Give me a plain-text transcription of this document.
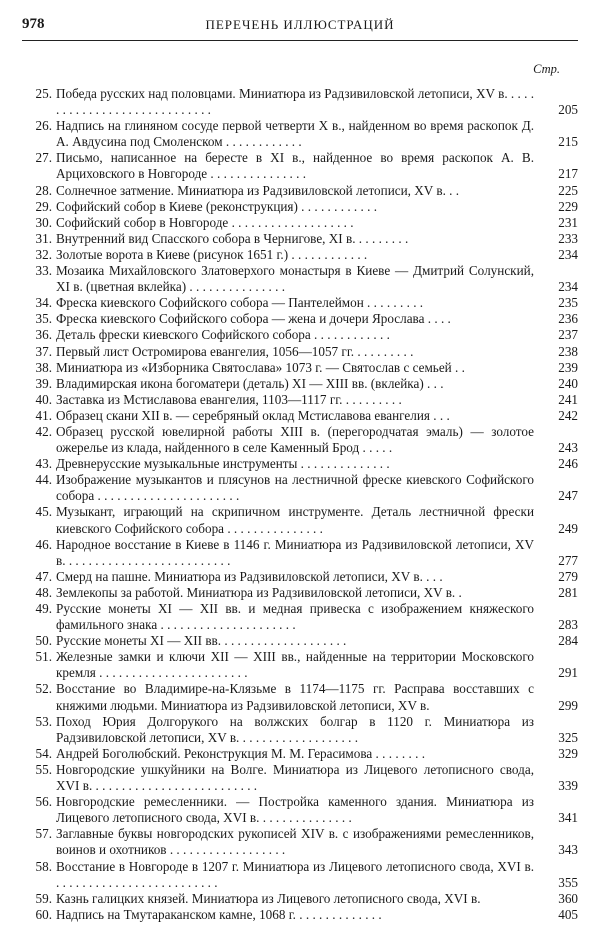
978	ПЕРЕЧЕНЬ ИЛЛЮСТРАЦИЙ
Стр.
25. Победа русских над половцами. Миниатюра из Радзивиловской летописи, XV в. . . . . . . . . . . . . . . . . . . . . . . . . . . . .	205
26. Надпись на глиняном сосуде первой четверти X в., найденном во время раскопок Д. А. Авдусина под Смоленском . . . . . . . . . . . .	215
27. Письмо, написанное на бересте в XI в., найденное во время раскопок А. В. Арциховского в Новгороде . . . . . . . . . . . . . . .	217
28. Солнечное затмение. Миниатюра из Радзивиловской летописи, XV в. . .	225
29. Софийский собор в Киеве (реконструкция) . . . . . . . . . . . .	229
30. Софийский собор в Новгороде . . . . . . . . . . . . . . . . . . .	231
31. Внутренний вид Спасского собора в Чернигове, XI в. . . . . . . . .	233
32. Золотые ворота в Киеве (рисунок 1651 г.) . . . . . . . . . . . .	234
33. Мозаика Михайловского Златоверхого монастыря в Киеве — Дмитрий Солунский, XI в. (цветная вклейка) . . . . . . . . . . . . . . .	234
34. Фреска киевского Софийского собора — Пантелеймон . . . . . . . . .	235
35. Фреска киевского Софийского собора — жена и дочери Ярослава . . . .	236
36. Деталь фрески киевского Софийского собора . . . . . . . . . . . .	237
37. Первый лист Остромирова евангелия, 1056—1057 гг. . . . . . . . . .	238
38. Миниатюра из «Изборника Святослава» 1073 г. — Святослав с семьей . .	239
39. Владимирская икона богоматери (деталь) XI — XIII вв. (вклейка) . . .	240
40. Заставка из Мстиславова евангелия, 1103—1117 гг. . . . . . . . . .	241
41. Образец скани XII в. — серебряный оклад Мстиславова евангелия . . .	242
42. Образец русской ювелирной работы XIII в. (перегородчатая эмаль) — золотое ожерелье из клада, найденного в селе Каменный Брод . . . . .	243
43. Древнерусские музыкальные инструменты . . . . . . . . . . . . . .	246
44. Изображение музыкантов и плясунов на лестничной фреске киевского Софийского собора . . . . . . . . . . . . . . . . . . . . . .	247
45. Музыкант, играющий на скрипичном инструменте. Деталь лестничной фрески киевского Софийского собора . . . . . . . . . . . . . . .	249
46. Народное восстание в Киеве в 1146 г. Миниатюра из Радзивиловской летописи, XV в. . . . . . . . . . . . . . . . . . . . . . . . . .	277
47. Смерд на пашне. Миниатюра из Радзивиловской летописи, XV в. . . .	279
48. Землекопы за работой. Миниатюра из Радзивиловской летописи, XV в. .	281
49. Русские монеты XI — XII вв. и медная привеска с изображением княжеского фамильного знака . . . . . . . . . . . . . . . . . . . . .	283
50. Русские монеты XI — XII вв. . . . . . . . . . . . . . . . . . . .	284
51. Железные замки и ключи XII — XIII вв., найденные на территории Московского кремля . . . . . . . . . . . . . . . . . . . . . . .	291
52. Восстание во Владимире-на-Клязьме в 1174—1175 гг. Расправа восставших с княжими людьми. Миниатюра из Радзивиловской летописи, XV в.	299
53. Поход Юрия Долгорукого на волжских болгар в 1120 г. Миниатюра из Радзивиловской летописи, XV в. . . . . . . . . . . . . . . . . . .	325
54. Андрей Боголюбский. Реконструкция М. М. Герасимова . . . . . . . .	329
55. Новгородские ушкуйники на Волге. Миниатюра из Лицевого летописного свода, XVI в. . . . . . . . . . . . . . . . . . . . . . . . . .	339
56. Новгородские ремесленники. — Постройка каменного здания. Миниатюра из Лицевого летописного свода, XVI в. . . . . . . . . . . . . . .	341
57. Заглавные буквы новгородских рукописей XIV в. с изображениями ремесленников, воинов и охотников . . . . . . . . . . . . . . . . . .	343
58. Восстание в Новгороде в 1207 г. Миниатюра из Лицевого летописного свода, XVI в. . . . . . . . . . . . . . . . . . . . . . . . . .	355
59. Казнь галицких князей. Миниатюра из Лицевого летописного свода, XVI в.	360
60. Надпись на Тмутараканском камне, 1068 г. . . . . . . . . . . . . .	405
